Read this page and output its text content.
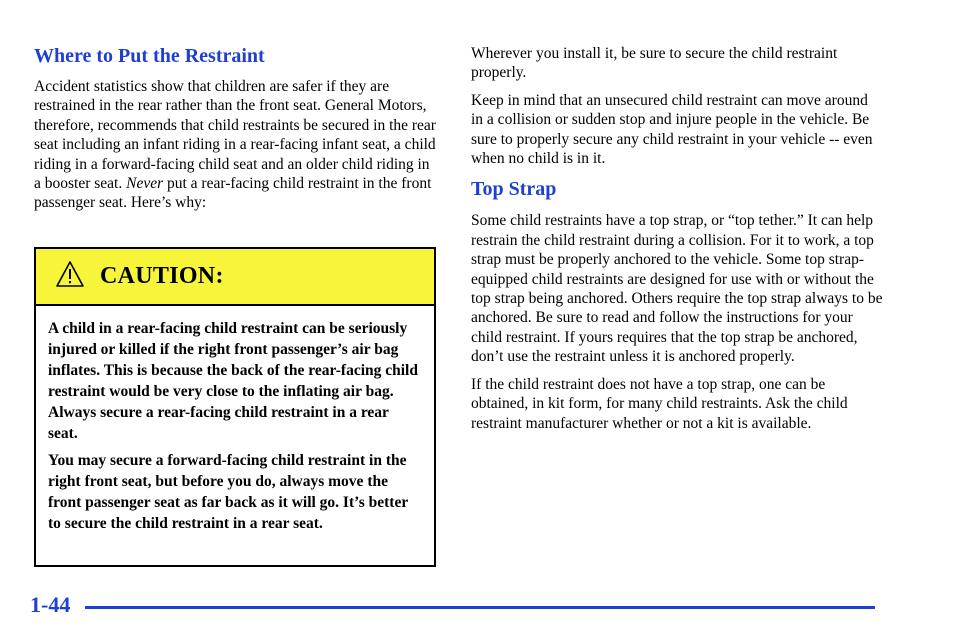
Where to Put the Restraint

Accident statistics show that children are safer if they are restrained in the rear rather than the front seat. General Motors, therefore, recommends that child restraints be secured in the rear seat including an infant riding in a rear-facing infant seat, a child riding in a forward-facing child seat and an older child riding in a booster seat. Never put a rear-facing child restraint in the front passenger seat. Here’s why:

CAUTION:

A child in a rear-facing child restraint can be seriously injured or killed if the right front passenger’s air bag inflates. This is because the back of the rear-facing child restraint would be very close to the inflating air bag. Always secure a rear-facing child restraint in a rear seat.

You may secure a forward-facing child restraint in the right front seat, but before you do, always move the front passenger seat as far back as it will go. It’s better to secure the child restraint in a rear seat.

Wherever you install it, be sure to secure the child restraint properly.

Keep in mind that an unsecured child restraint can move around in a collision or sudden stop and injure people in the vehicle. Be sure to properly secure any child restraint in your vehicle -- even when no child is in it.

Top Strap

Some child restraints have a top strap, or “top tether.” It can help restrain the child restraint during a collision. For it to work, a top strap must be properly anchored to the vehicle. Some top strap-equipped child restraints are designed for use with or without the top strap being anchored. Others require the top strap always to be anchored. Be sure to read and follow the instructions for your child restraint. If yours requires that the top strap be anchored, don’t use the restraint unless it is anchored properly.

If the child restraint does not have a top strap, one can be obtained, in kit form, for many child restraints. Ask the child restraint manufacturer whether or not a kit is available.

1-44
